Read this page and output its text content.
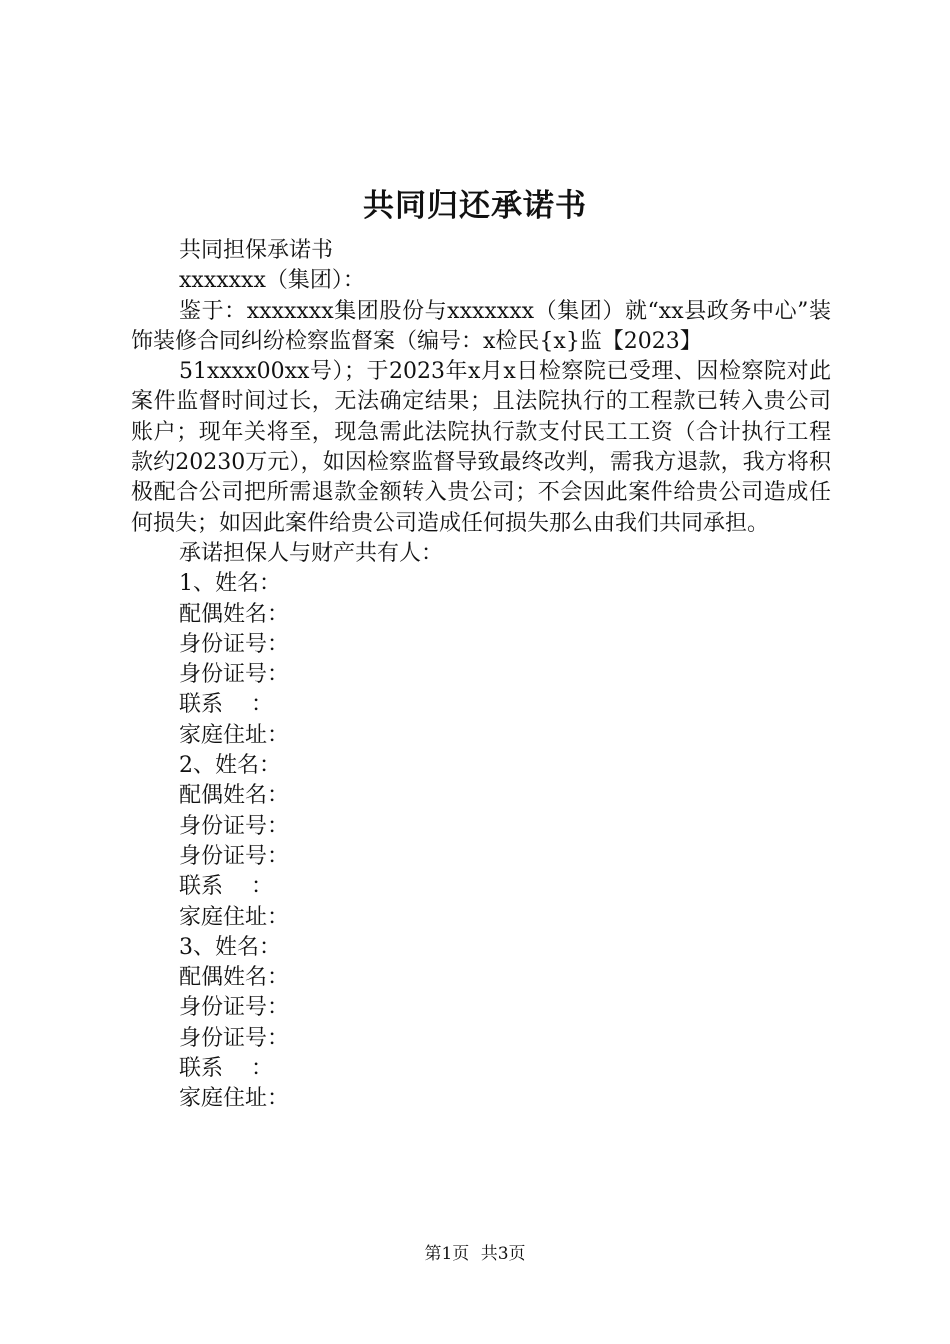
共同归还承诺书

共同担保承诺书

xxxxxxx（集团）：

鉴于：xxxxxxx集团股份与xxxxxxx（集团）就“xx县政务中心”装饰装修合同纠纷检察监督案（编号：x检民{x}监【2023】

51xxxx00xx号）；于2023年x月x日检察院已受理、因检察院对此案件监督时间过长，无法确定结果；且法院执行的工程款已转入贵公司账户；现年关将至，现急需此法院执行款支付民工工资（合计执行工程款约20230万元），如因检察监督导致最终改判，需我方退款，我方将积极配合公司把所需退款金额转入贵公司；不会因此案件给贵公司造成任何损失；如因此案件给贵公司造成任何损失那么由我们共同承担。

承诺担保人与财产共有人：

1、姓名：

配偶姓名：

身份证号：

身份证号：

联系    ：

家庭住址：

2、姓名：

配偶姓名：

身份证号：

身份证号：

联系    ：

家庭住址：

3、姓名：

配偶姓名：

身份证号：

身份证号：

联系    ：

家庭住址：

第1页 共3页
